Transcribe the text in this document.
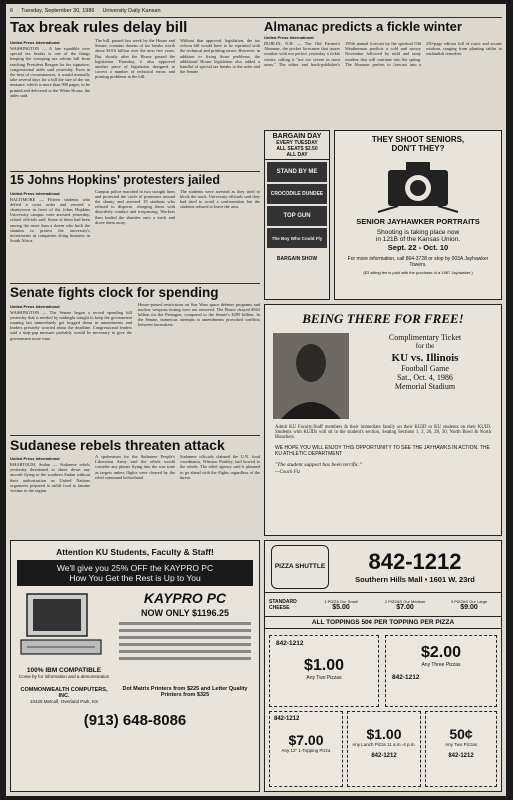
6 Tuesday, September 30, 1986 University Daily Kansan
Tax break rules delay bill
United Press International
WASHINGTON — A late squabble over special tax breaks is one of the things keeping the sweeping tax reform bill from reaching President Reagan for his signature, congressional aides said yesterday. Even in the best of circumstances, it would normally take several days for a bill the size of the tax measure, which is more than 900 pages, to be printed and delivered to the White House, the aides said.
The bill, passed last week by the House and Senate, contains dozens of tax breaks worth about $10.6 billion over the next five years. But, shortly after the House passed the legislation Thursday, it also approved another piece of legislation designed to correct a number of technical errors and printing problems in the bill.
Without that approval, legislation, the tax reform bill would have to be reprinted with the technical and printing errors. However, in addition to fixing those problems, the additional House legislation also added a handful of special tax breaks to the rules and the Senate.
Almanac predicts a fickle winter
United Press International
DUBLIN, N.H. — The Old Farmer's Almanac, the pocket forecaster that issues weather with not perfect yesterday a fickle winter, calling it "not too severe in most areas." The editor and book-publisher's 195th annual forecast by the spiritual Old Weatherman predicts a cold and snowy November followed by mild and rainy weather that will continue into the spring. The Almanac prefers to forecast into a 250-page edition full of rustic and arcane wisdom, ranging from planting tables to outlandish remedies.
15 Johns Hopkins' protesters jailed
United Press International
BALTIMORE — Fifteen students who defied a court order and erected a shantytown in front of the Johns Hopkins University campus were arrested yesterday, school officials said. Some of them had been among the more than a dozen who built the shanties to protest the university's investments in companies doing business in South Africa.
Campus police marched in two straight lines and protected the circle of protesters around the shanty and arrested 15 students who refused to disperse, charging them with disorderly conduct and trespassing. Workers then loaded the shanties onto a truck and drove them away.
The students were arrested as they tried to block the truck. University officials said they had tried to avoid a confrontation but the students refused to leave the area.
Senate fights clock for spending
United Press International
WASHINGTON — The Senate began a record spending bill yesterday that is needed by midnight tonight to keep the government running but immediately got bogged down in amendments and leaders privately worried about the deadline. Congressional leaders said a stop-gap measure probably would be necessary to give the government more time.
House-passed restrictions on Star Wars space defense programs and nuclear weapons testing were not removed. The House okayed $563 billion for the Pentagon, compared to the Senate's $290 billion. In the Senate, numerous attempts at amendments provoked conflicts between lawmakers.
Sudanese rebels threaten attack
United Press International
KHARTOUM, Sudan — Sudanese rebels yesterday threatened to shoot down any aircraft flying to the southern Sudan without their authorization as United Nations organizers prepared to airlift food to famine victims in the region.
A spokesman for the Sudanese People's Liberation Army said the rebels would consider any planes flying into the war zone as targets unless flights were cleared by the rebel command beforehand.
Sudanese officials claimed the U.N. food coordinator, Winston Prattley, had bowed to the rebels. The relief agency said it planned to go ahead with the flights regardless of the threat.
BARGAIN DAY
EVERY TUESDAY
ALL SEATS $2.50
ALL DAY
STAND BY ME
CROCODILE DUNDEE
TOP GUN
The Boy Who Could Fly
BARGAIN SHOW
THEY SHOOT SENIORS, DON'T THEY?
SENIOR JAYHAWKER PORTRAITS
Shooting is taking place now
in 121B of the Kansas Union.
Sept. 22 - Oct. 10
For more information, call 864-3728 or stop by 003A Jayhawker Towers.
($3 sitting fee is paid with the purchase of a 1987 Jayhawker.)
BEING THERE FOR FREE!
Complimentary Ticket
for the
KU vs. Illinois
Football Game
Sat., Oct. 4, 1986
Memorial Stadium
Admit KU Faculty/Staff members & their immediate family on their KUID or KU students on their KUID. Students with KUIDs will sit in the student's section, Seating Sections 1, 2, 26, 28, 30, North Bowl & North Bleachers.
WE HOPE YOU WILL ENJOY THIS OPPORTUNITY TO SEE THE JAYHAWKS IN ACTION. THE KU ATHLETIC DEPARTMENT
"The student support has been terrific."
—Coach Fiz
Attention KU Students, Faculty & Staff!
We'll give you 25% OFF the KAYPRO PC
How You Get the Rest is Up to You
100% IBM COMPATIBLE
Come by for information and a demonstration
COMMONWEALTH COMPUTERS, INC.
10425 Metcalf, Overland Park, KS
KAYPRO PC
NOW ONLY $1196.25
Dot Matrix Printers from $225 and Letter Quality Printers from $325
(913) 648-8086
PIZZA SHUTTLE	842-1212
Southern Hills Mall • 1601 W. 23rd
STANDARD CHEESE
1 PIZZA Our Small
$5.00
2 PIZZAS Our Medium
$7.00
3 PIZZAS Our Large
$9.00
ALL TOPPINGS 50¢ PER TOPPING PER PIZZA
842-1212
$1.00
Any Two Pizzas
$2.00
Any Three Pizzas
842-1212
842-1212
$7.00
Any 12" 1-Topping Pizza
$1.00
Any Lunch Pizza 11 a.m.-4 p.m.
842-1212
50¢
Any Two Pizzas
842-1212
